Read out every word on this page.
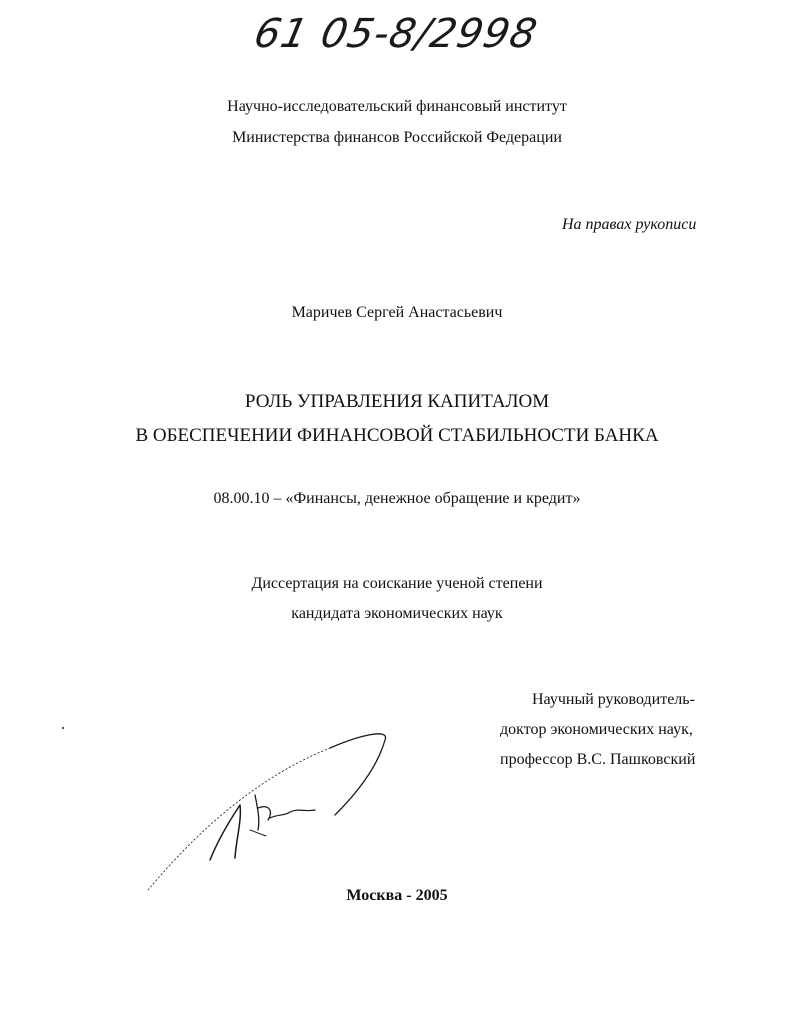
61 05-8/2998
Научно-исследовательский финансовый институт
Министерства финансов Российской Федерации
На правах рукописи
Маричев Сергей Анастасьевич
РОЛЬ УПРАВЛЕНИЯ КАПИТАЛОМ
В ОБЕСПЕЧЕНИИ ФИНАНСОВОЙ СТАБИЛЬНОСТИ БАНКА
08.00.10 – «Финансы, денежное обращение и кредит»
Диссертация на соискание ученой степени
кандидата экономических наук
Научный руководитель-
доктор экономических наук,
профессор В.С. Пашковский
Москва - 2005
